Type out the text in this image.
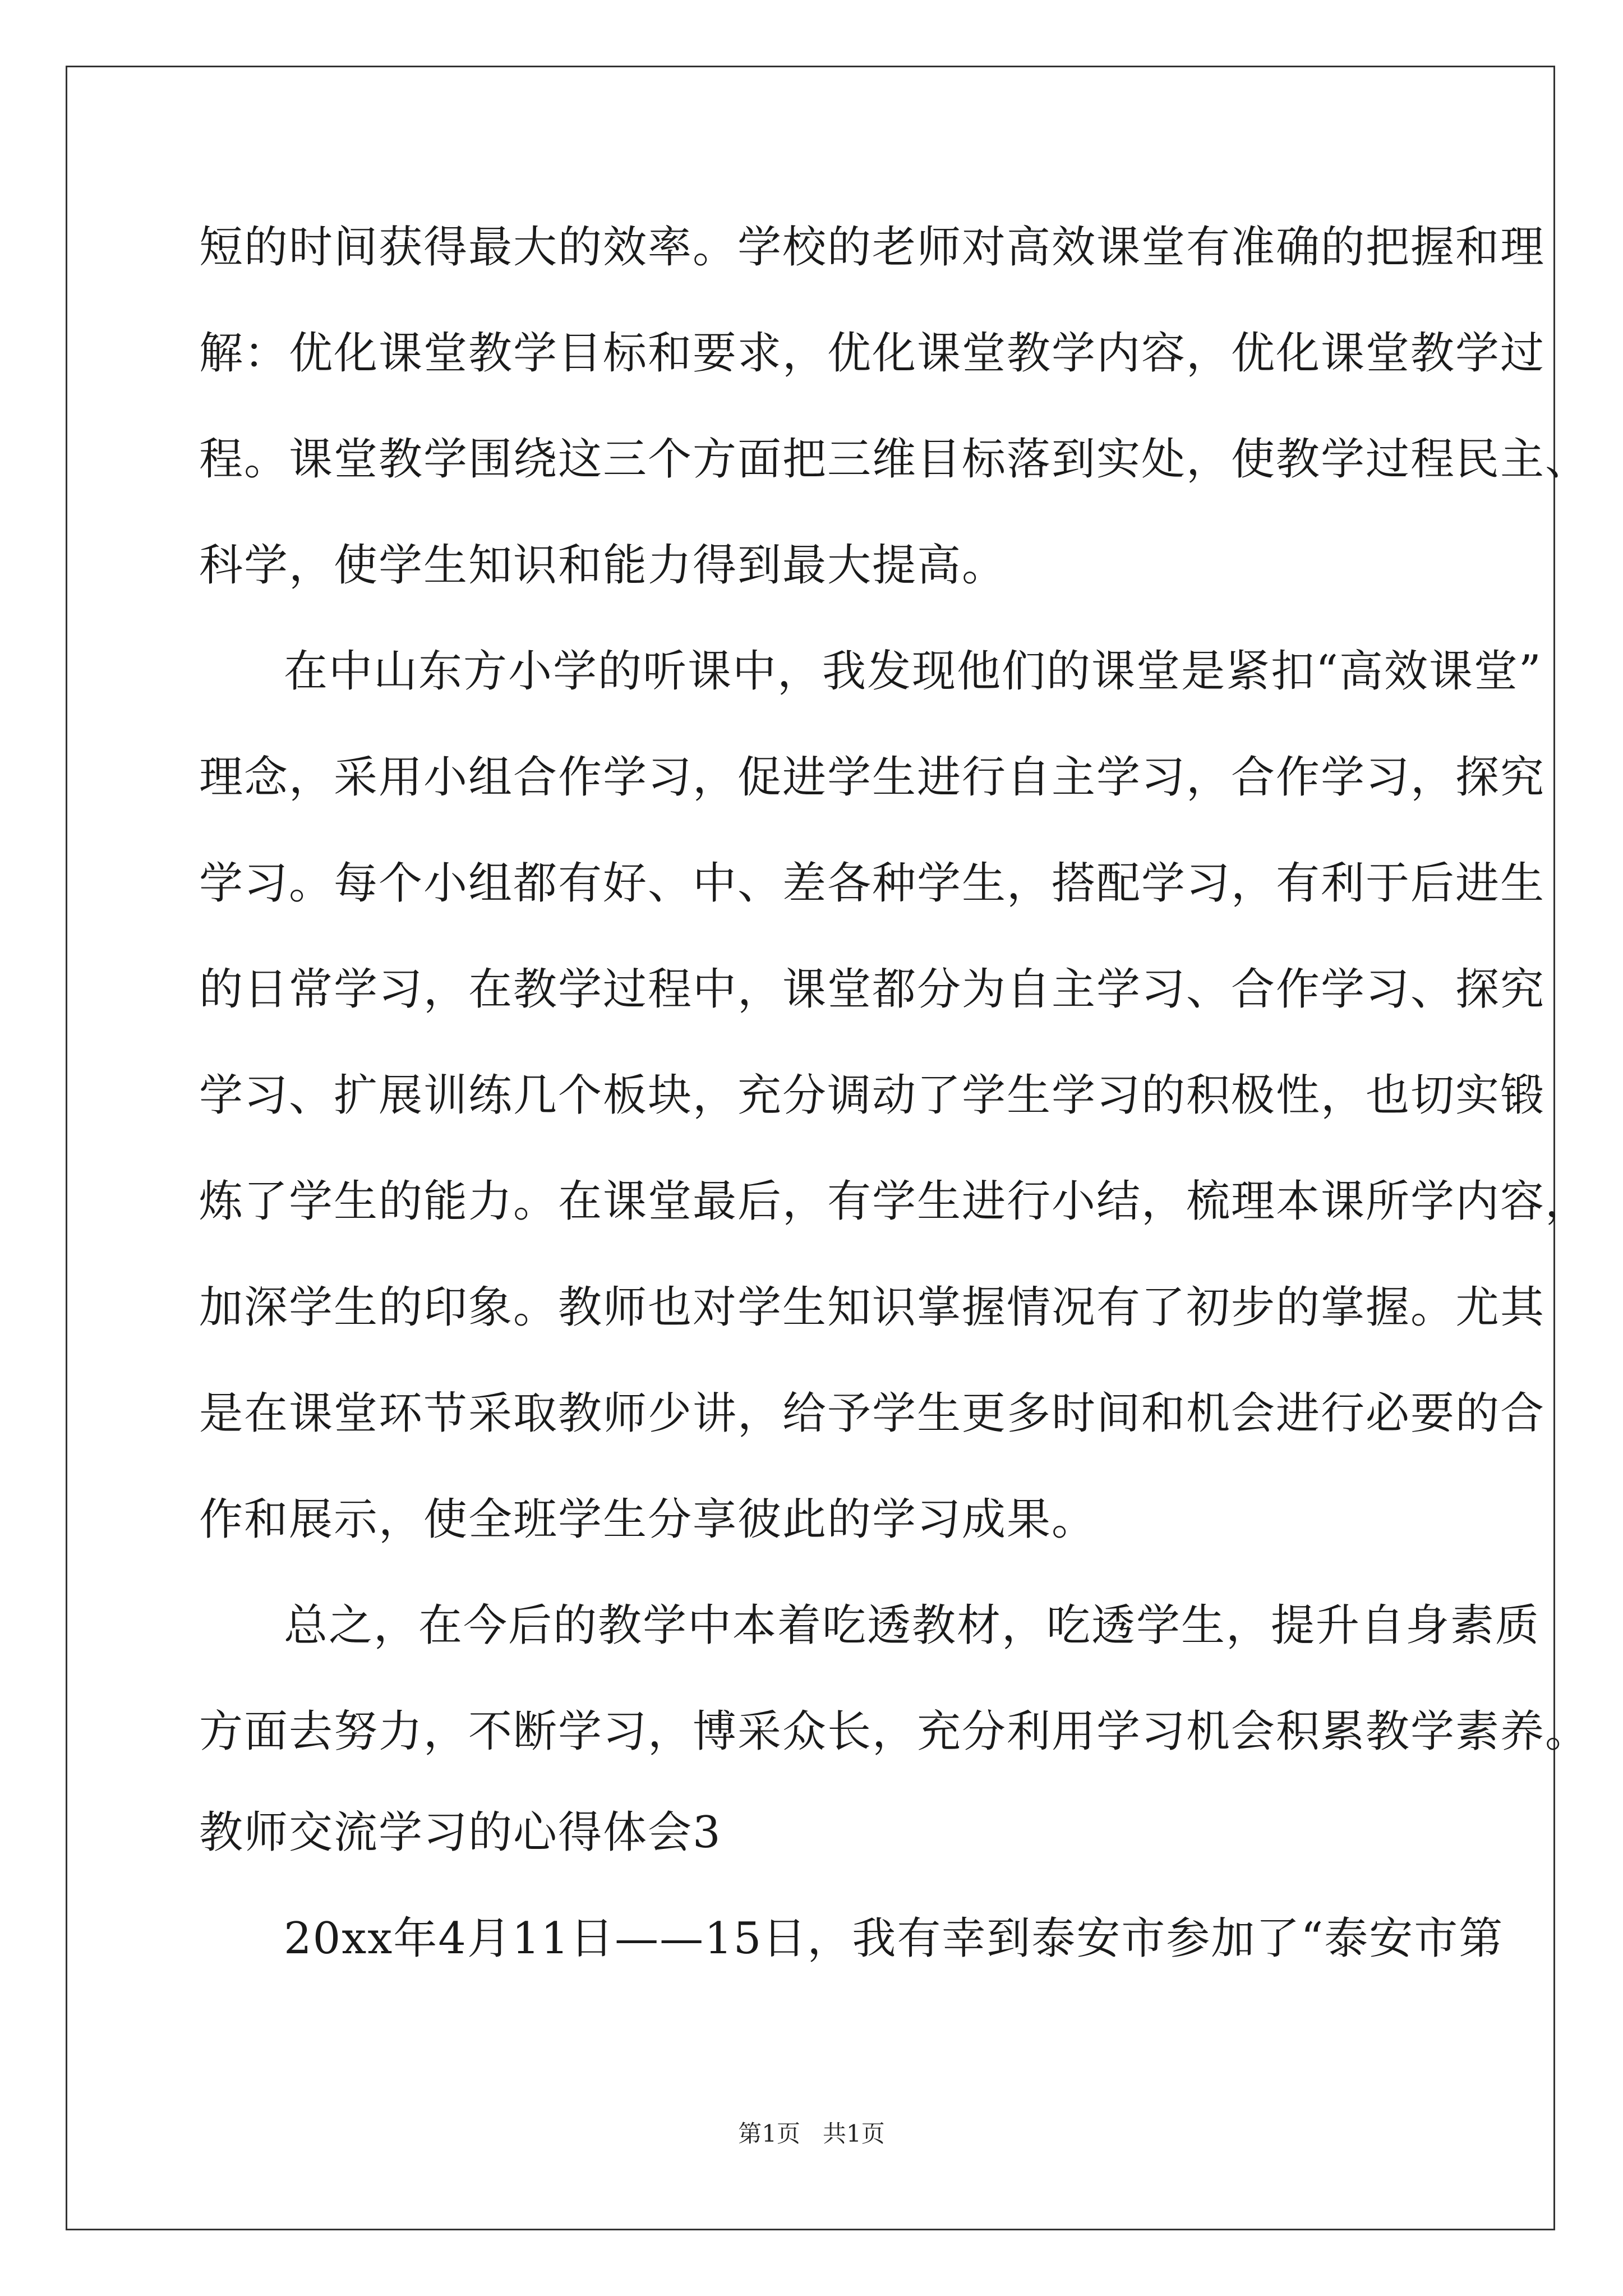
短的时间获得最大的效率。学校的老师对高效课堂有准确的把握和理
解：优化课堂教学目标和要求，优化课堂教学内容，优化课堂教学过
程。课堂教学围绕这三个方面把三维目标落到实处，使教学过程民主、
科学，使学生知识和能力得到最大提高。
在中山东方小学的听课中，我发现他们的课堂是紧扣“高效课堂”
理念，采用小组合作学习，促进学生进行自主学习，合作学习，探究
学习。每个小组都有好、中、差各种学生，搭配学习，有利于后进生
的日常学习，在教学过程中，课堂都分为自主学习、合作学习、探究
学习、扩展训练几个板块，充分调动了学生学习的积极性，也切实锻
炼了学生的能力。在课堂最后，有学生进行小结，梳理本课所学内容，
加深学生的印象。教师也对学生知识掌握情况有了初步的掌握。尤其
是在课堂环节采取教师少讲，给予学生更多时间和机会进行必要的合
作和展示，使全班学生分享彼此的学习成果。
总之，在今后的教学中本着吃透教材，吃透学生，提升自身素质
方面去努力，不断学习，博采众长，充分利用学习机会积累教学素养。
教师交流学习的心得体会3
20xx年4月11日——15日，我有幸到泰安市参加了“泰安市第
第1页   共1页
